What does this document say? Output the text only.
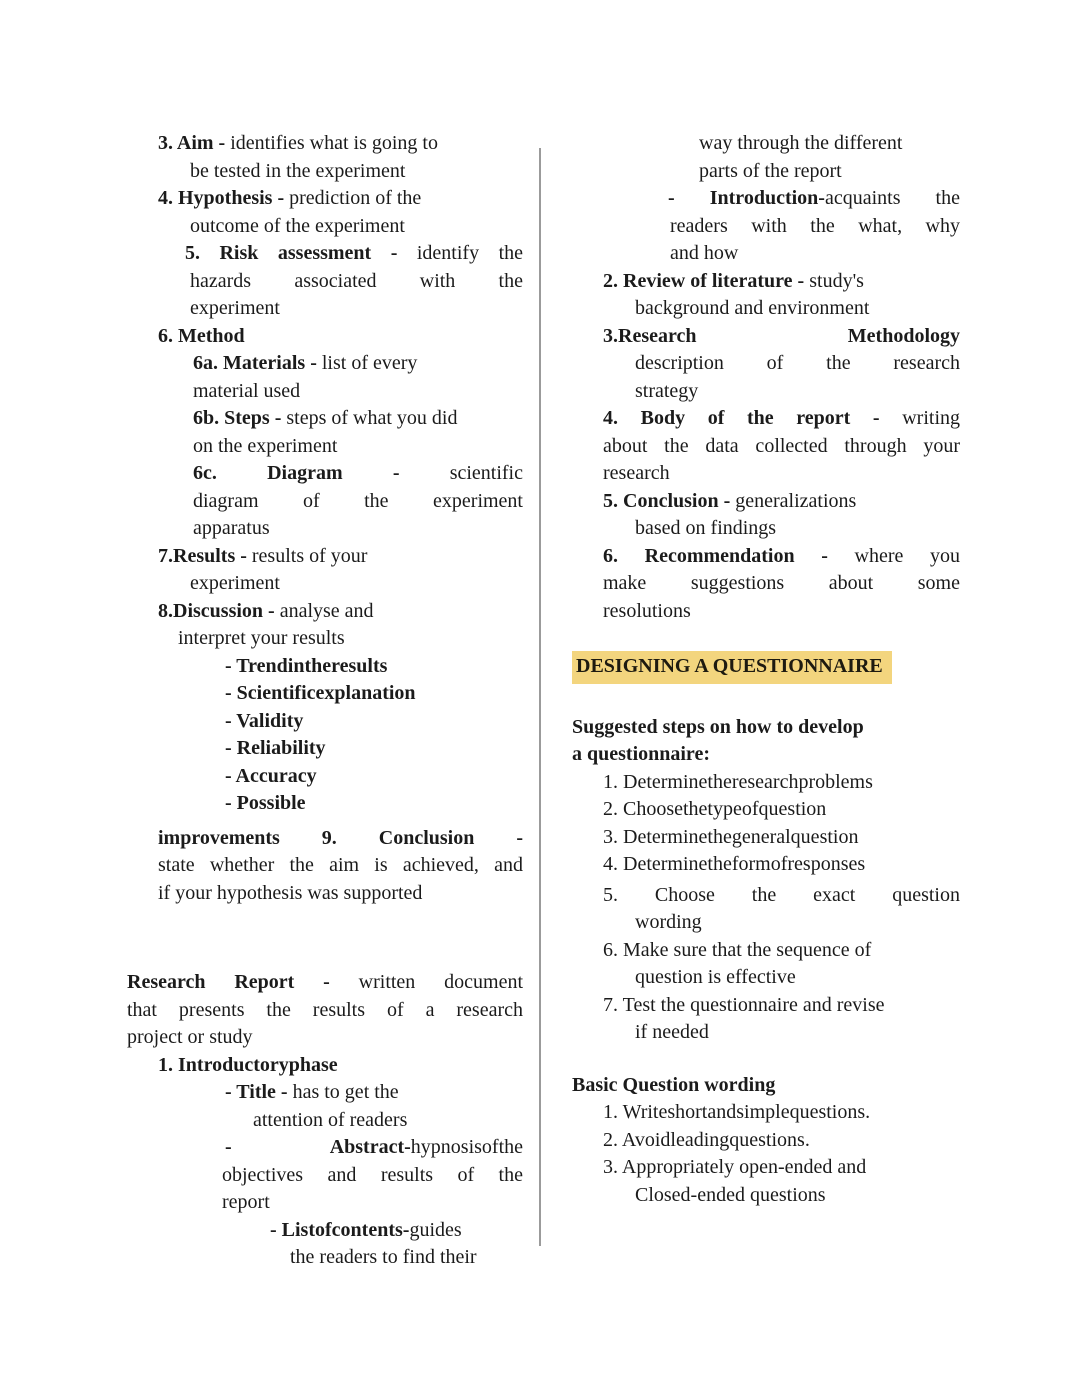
3. Aim - identifies what is going to
be tested in the experiment
4. Hypothesis - prediction of the
outcome of the experiment
5. Risk assessment - identify the
hazards associated with the
experiment
6. Method
6a. Materials - list of every
material used
6b. Steps - steps of what you did
on the experiment
6c. Diagram -	scientific
diagram of the experiment
apparatus
7.Results - results of your
experiment
8.Discussion - analyse and
interpret your results
- Trendintheresults
- Scientificexplanation
- Validity
- Reliability
- Accuracy
- Possible
improvements 9. Conclusion -
state whether the aim is achieved, and
if your hypothesis was supported
Research Report - written document
that presents the results of a research
project or study
1. Introductoryphase
- Title - has to get the
attention of readers
-	Abstract-hypnosisofthe
objectives and results of the
report
- Listofcontents-guides
the readers to find their
way through the different
parts of the report
- Introduction-acquaints the
readers with the what, why
and how
2. Review of literature - study's
background and environment
3.Research	Methodology
description of the research
strategy
4. Body of the report - writing
about the data collected through your
research
5. Conclusion - generalizations
based on findings
6. Recommendation - where you
make suggestions about some
resolutions
DESIGNING A QUESTIONNAIRE
Suggested steps on how to develop
a questionnaire:
1. Determinetheresearchproblems
2. Choosethetypeofquestion
3. Determinethegeneralquestion
4. Determinetheformofresponses
5. Choose the exact question
wording
6. Make sure that the sequence of
question is effective
7. Test the questionnaire and revise
if needed
Basic Question wording
1. Writeshortandsimplequestions.
2. Avoidleadingquestions.
3. Appropriately open-ended and
Closed-ended questions
